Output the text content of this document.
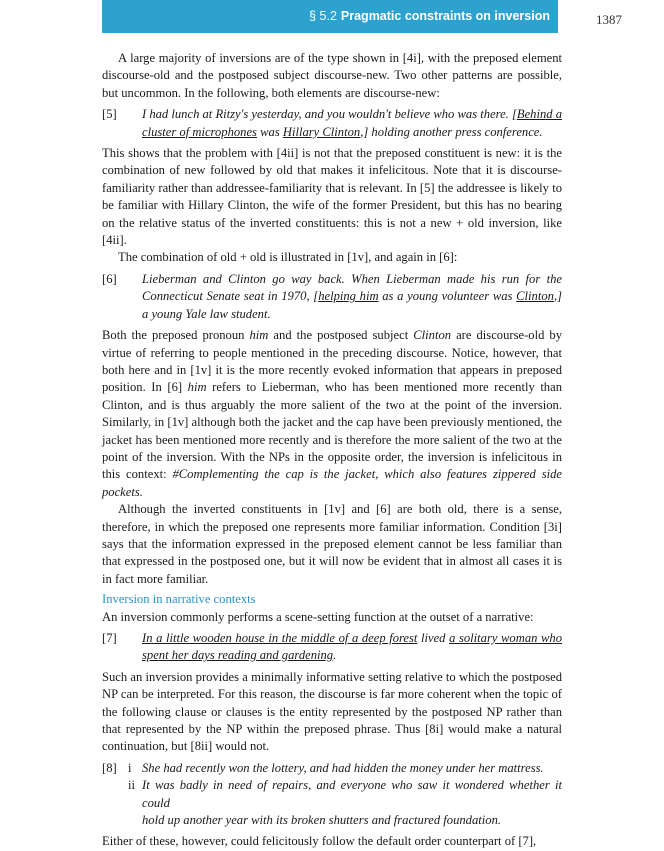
§ 5.2 Pragmatic constraints on inversion	1387

A large majority of inversions are of the type shown in [4i], with the preposed element discourse-old and the postposed subject discourse-new. Two other patterns are possible, but uncommon. In the following, both elements are discourse-new:

[5]	I had lunch at Ritzy's yesterday, and you wouldn't believe who was there. [Behind a cluster of microphones was Hillary Clinton,] holding another press conference.

This shows that the problem with [4ii] is not that the preposed constituent is new: it is the combination of new followed by old that makes it infelicitous. Note that it is discourse-familiarity rather than addressee-familiarity that is relevant. In [5] the addressee is likely to be familiar with Hillary Clinton, the wife of the former President, but this has no bearing on the relative status of the inverted constituents: this is not a new + old inversion, like [4ii].

The combination of old + old is illustrated in [1v], and again in [6]:

[6]	Lieberman and Clinton go way back. When Lieberman made his run for the Connecticut Senate seat in 1970, [helping him as a young volunteer was Clinton,] a young Yale law student.

Both the preposed pronoun him and the postposed subject Clinton are discourse-old by virtue of referring to people mentioned in the preceding discourse. Notice, however, that both here and in [1v] it is the more recently evoked information that appears in preposed position. In [6] him refers to Lieberman, who has been mentioned more recently than Clinton, and is thus arguably the more salient of the two at the point of the inversion. Similarly, in [1v] although both the jacket and the cap have been previously mentioned, the jacket has been mentioned more recently and is therefore the more salient of the two at the point of the inversion. With the NPs in the opposite order, the inversion is infelicitous in this context: #Complementing the cap is the jacket, which also features zippered side pockets.

Although the inverted constituents in [1v] and [6] are both old, there is a sense, therefore, in which the preposed one represents more familiar information. Condition [3i] says that the information expressed in the preposed element cannot be less familiar than that expressed in the postposed one, but it will now be evident that in almost all cases it is in fact more familiar.

Inversion in narrative contexts

An inversion commonly performs a scene-setting function at the outset of a narrative:

[7]	In a little wooden house in the middle of a deep forest lived a solitary woman who spent her days reading and gardening.

Such an inversion provides a minimally informative setting relative to which the postposed NP can be interpreted. For this reason, the discourse is far more coherent when the topic of the following clause or clauses is the entity represented by the postposed NP rather than that represented by the NP within the preposed phrase. Thus [8i] would make a natural continuation, but [8ii] would not.

[8] i She had recently won the lottery, and had hidden the money under her mattress.
ii It was badly in need of repairs, and everyone who saw it wondered whether it could
hold up another year with its broken shutters and fractured foundation.

Either of these, however, could felicitously follow the default order counterpart of [7],
